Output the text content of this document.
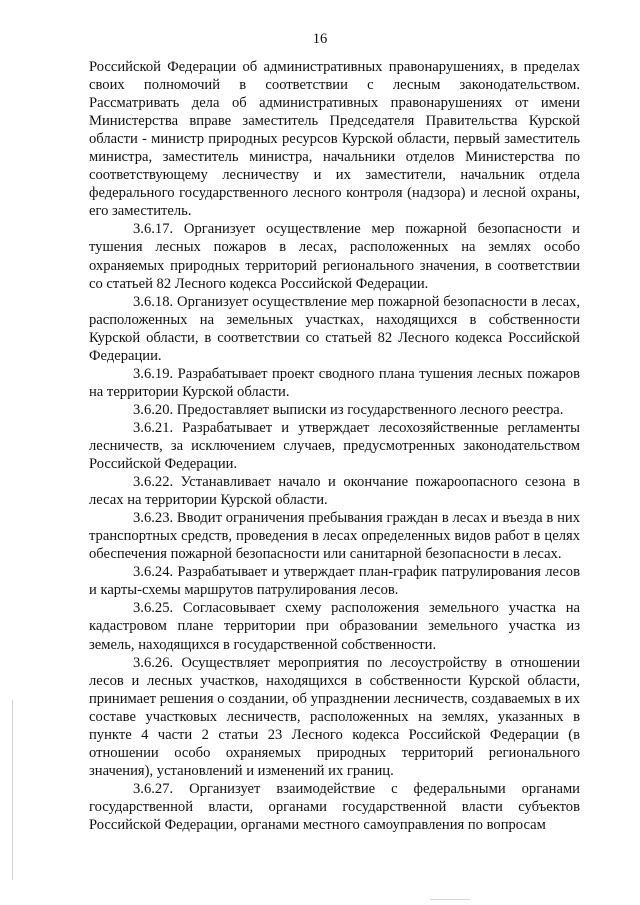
16

Российской Федерации об административных правонарушениях, в пределах своих полномочий в соответствии с лесным законодательством. Рассматривать дела об административных правонарушениях от имени Министерства вправе заместитель Председателя Правительства Курской области - министр природных ресурсов Курской области, первый заместитель министра, заместитель министра, начальники отделов Министерства по соответствующему лесничеству и их заместители, начальник отдела федерального государственного лесного контроля (надзора) и лесной охраны, его заместитель.

3.6.17. Организует осуществление мер пожарной безопасности и тушения лесных пожаров в лесах, расположенных на землях особо охраняемых природных территорий регионального значения, в соответствии со статьей 82 Лесного кодекса Российской Федерации.

3.6.18. Организует осуществление мер пожарной безопасности в лесах, расположенных на земельных участках, находящихся в собственности Курской области, в соответствии со статьей 82 Лесного кодекса Российской Федерации.

3.6.19. Разрабатывает проект сводного плана тушения лесных пожаров на территории Курской области.

3.6.20. Предоставляет выписки из государственного лесного реестра.

3.6.21. Разрабатывает и утверждает лесохозяйственные регламенты лесничеств, за исключением случаев, предусмотренных законодательством Российской Федерации.

3.6.22. Устанавливает начало и окончание пожароопасного сезона в лесах на территории Курской области.

3.6.23. Вводит ограничения пребывания граждан в лесах и въезда в них транспортных средств, проведения в лесах определенных видов работ в целях обеспечения пожарной безопасности или санитарной безопасности в лесах.

3.6.24. Разрабатывает и утверждает план-график патрулирования лесов и карты-схемы маршрутов патрулирования лесов.

3.6.25. Согласовывает схему расположения земельного участка на кадастровом плане территории при образовании земельного участка из земель, находящихся в государственной собственности.

3.6.26. Осуществляет мероприятия по лесоустройству в отношении лесов и лесных участков, находящихся в собственности Курской области, принимает решения о создании, об упразднении лесничеств, создаваемых в их составе участковых лесничеств, расположенных на землях, указанных в пункте 4 части 2 статьи 23 Лесного кодекса Российской Федерации (в отношении особо охраняемых природных территорий регионального значения), установлений и изменений их границ.

3.6.27. Организует взаимодействие с федеральными органами государственной власти, органами государственной власти субъектов Российской Федерации, органами местного самоуправления по вопросам
